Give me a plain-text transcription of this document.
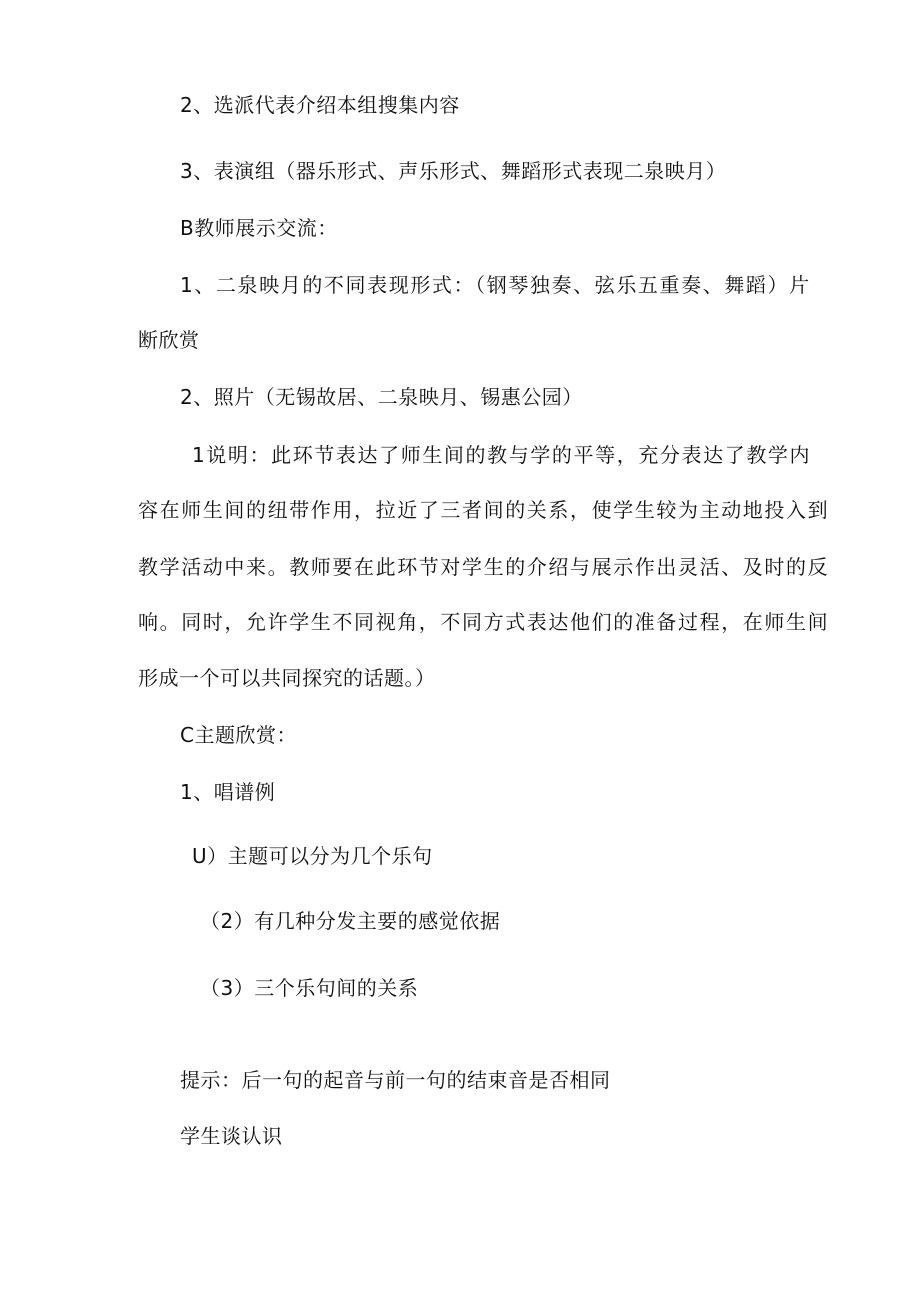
2、选派代表介绍本组搜集内容
3、表演组（器乐形式、声乐形式、舞蹈形式表现二泉映月）
B教师展示交流：
1、二泉映月的不同表现形式：（钢琴独奏、弦乐五重奏、舞蹈）片
断欣赏
2、照片（无锡故居、二泉映月、锡惠公园）
1说明：此环节表达了师生间的教与学的平等，充分表达了教学内
容在师生间的纽带作用，拉近了三者间的关系，使学生较为主动地投入到
教学活动中来。教师要在此环节对学生的介绍与展示作出灵活、及时的反
响。同时，允许学生不同视角，不同方式表达他们的准备过程，在师生间
形成一个可以共同探究的话题。）
C主题欣赏：
1、唱谱例
U）主题可以分为几个乐句
（2）有几种分发主要的感觉依据
（3）三个乐句间的关系
提示：后一句的起音与前一句的结束音是否相同
学生谈认识
